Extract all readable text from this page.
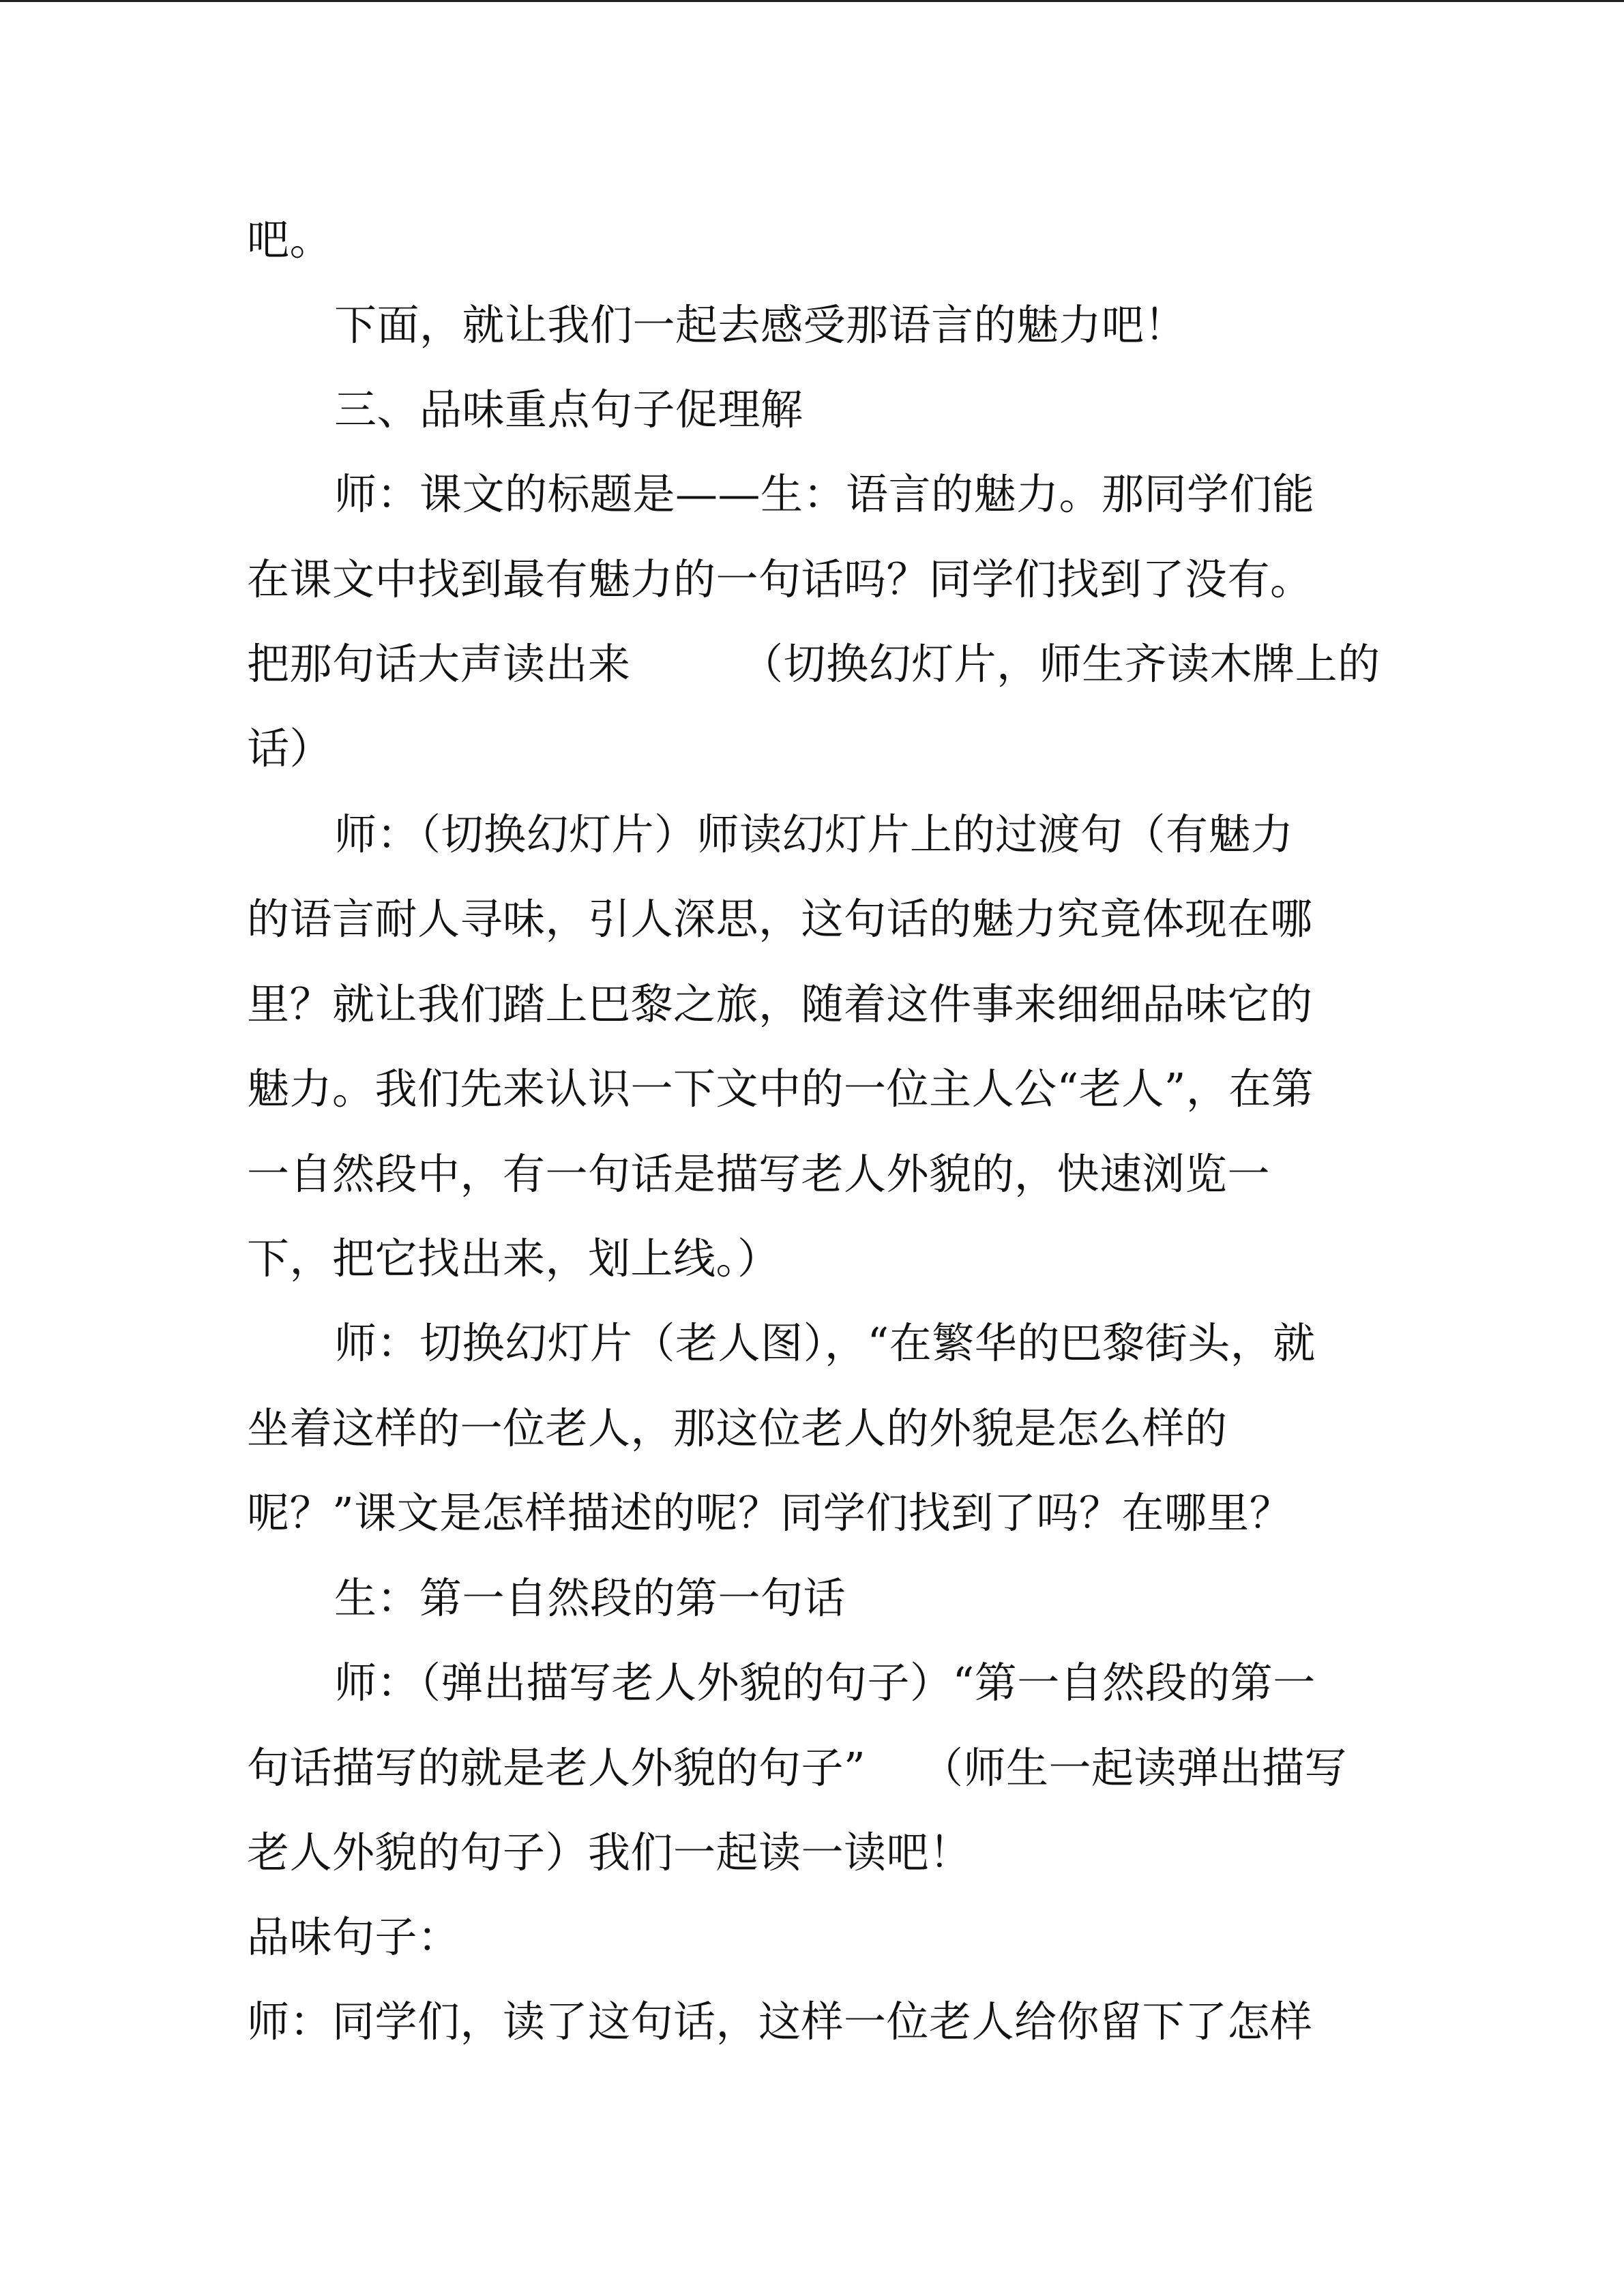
吧。

下面，就让我们一起去感受那语言的魅力吧！

三、品味重点句子促理解

师：课文的标题是——生：语言的魅力。那同学们能

在课文中找到最有魅力的一句话吗？同学们找到了没有。

把那句话大声读出来        （切换幻灯片，师生齐读木牌上的

话）

师：（切换幻灯片）师读幻灯片上的过渡句（有魅力

的语言耐人寻味，引人深思，这句话的魅力究竟体现在哪

里？就让我们踏上巴黎之旅，随着这件事来细细品味它的

魅力。我们先来认识一下文中的一位主人公“老人”，在第

一自然段中，有一句话是描写老人外貌的，快速浏览一

下，把它找出来，划上线。）

师：切换幻灯片（老人图），“在繁华的巴黎街头，就

坐着这样的一位老人，那这位老人的外貌是怎么样的

呢？”课文是怎样描述的呢？同学们找到了吗？在哪里？

生：第一自然段的第一句话

师：（弹出描写老人外貌的句子）“第一自然段的第一

句话描写的就是老人外貌的句子”    （师生一起读弹出描写

老人外貌的句子）我们一起读一读吧！

品味句子：

师：同学们，读了这句话，这样一位老人给你留下了怎样
